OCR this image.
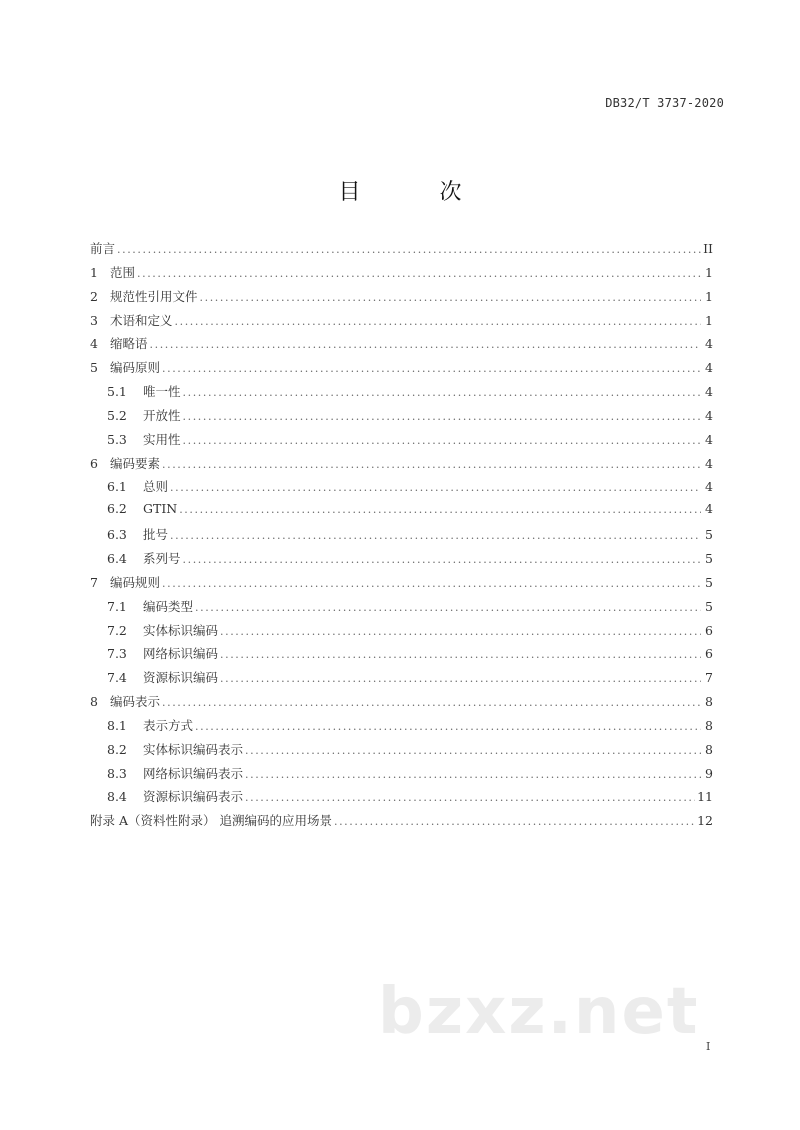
DB32/T 3737-2020
目 次
前言 .....	II
1 范围 .....	1
2 规范性引用文件 .....	1
3 术语和定义 .....	1
4 缩略语 .....	4
5 编码原则 .....	4
5.1	唯一性 .....	4
5.2	开放性 .....	4
5.3	实用性 .....	4
6 编码要素 .....	4
6.1	总则 .....	4
6.2	GTIN .....	4
6.3	批号 .....	5
6.4	系列号 .....	5
7 编码规则 .....	5
7.1	编码类型 .....	5
7.2	实体标识编码 .....	6
7.3	网络标识编码 .....	6
7.4	资源标识编码 .....	7
8 编码表示 .....	8
8.1	表示方式 .....	8
8.2	实体标识编码表示 .....	8
8.3	网络标识编码表示 .....	9
8.4	资源标识编码表示 .....	11
附录 A（资料性附录） 追溯编码的应用场景 .....	12
bzxz.net I
